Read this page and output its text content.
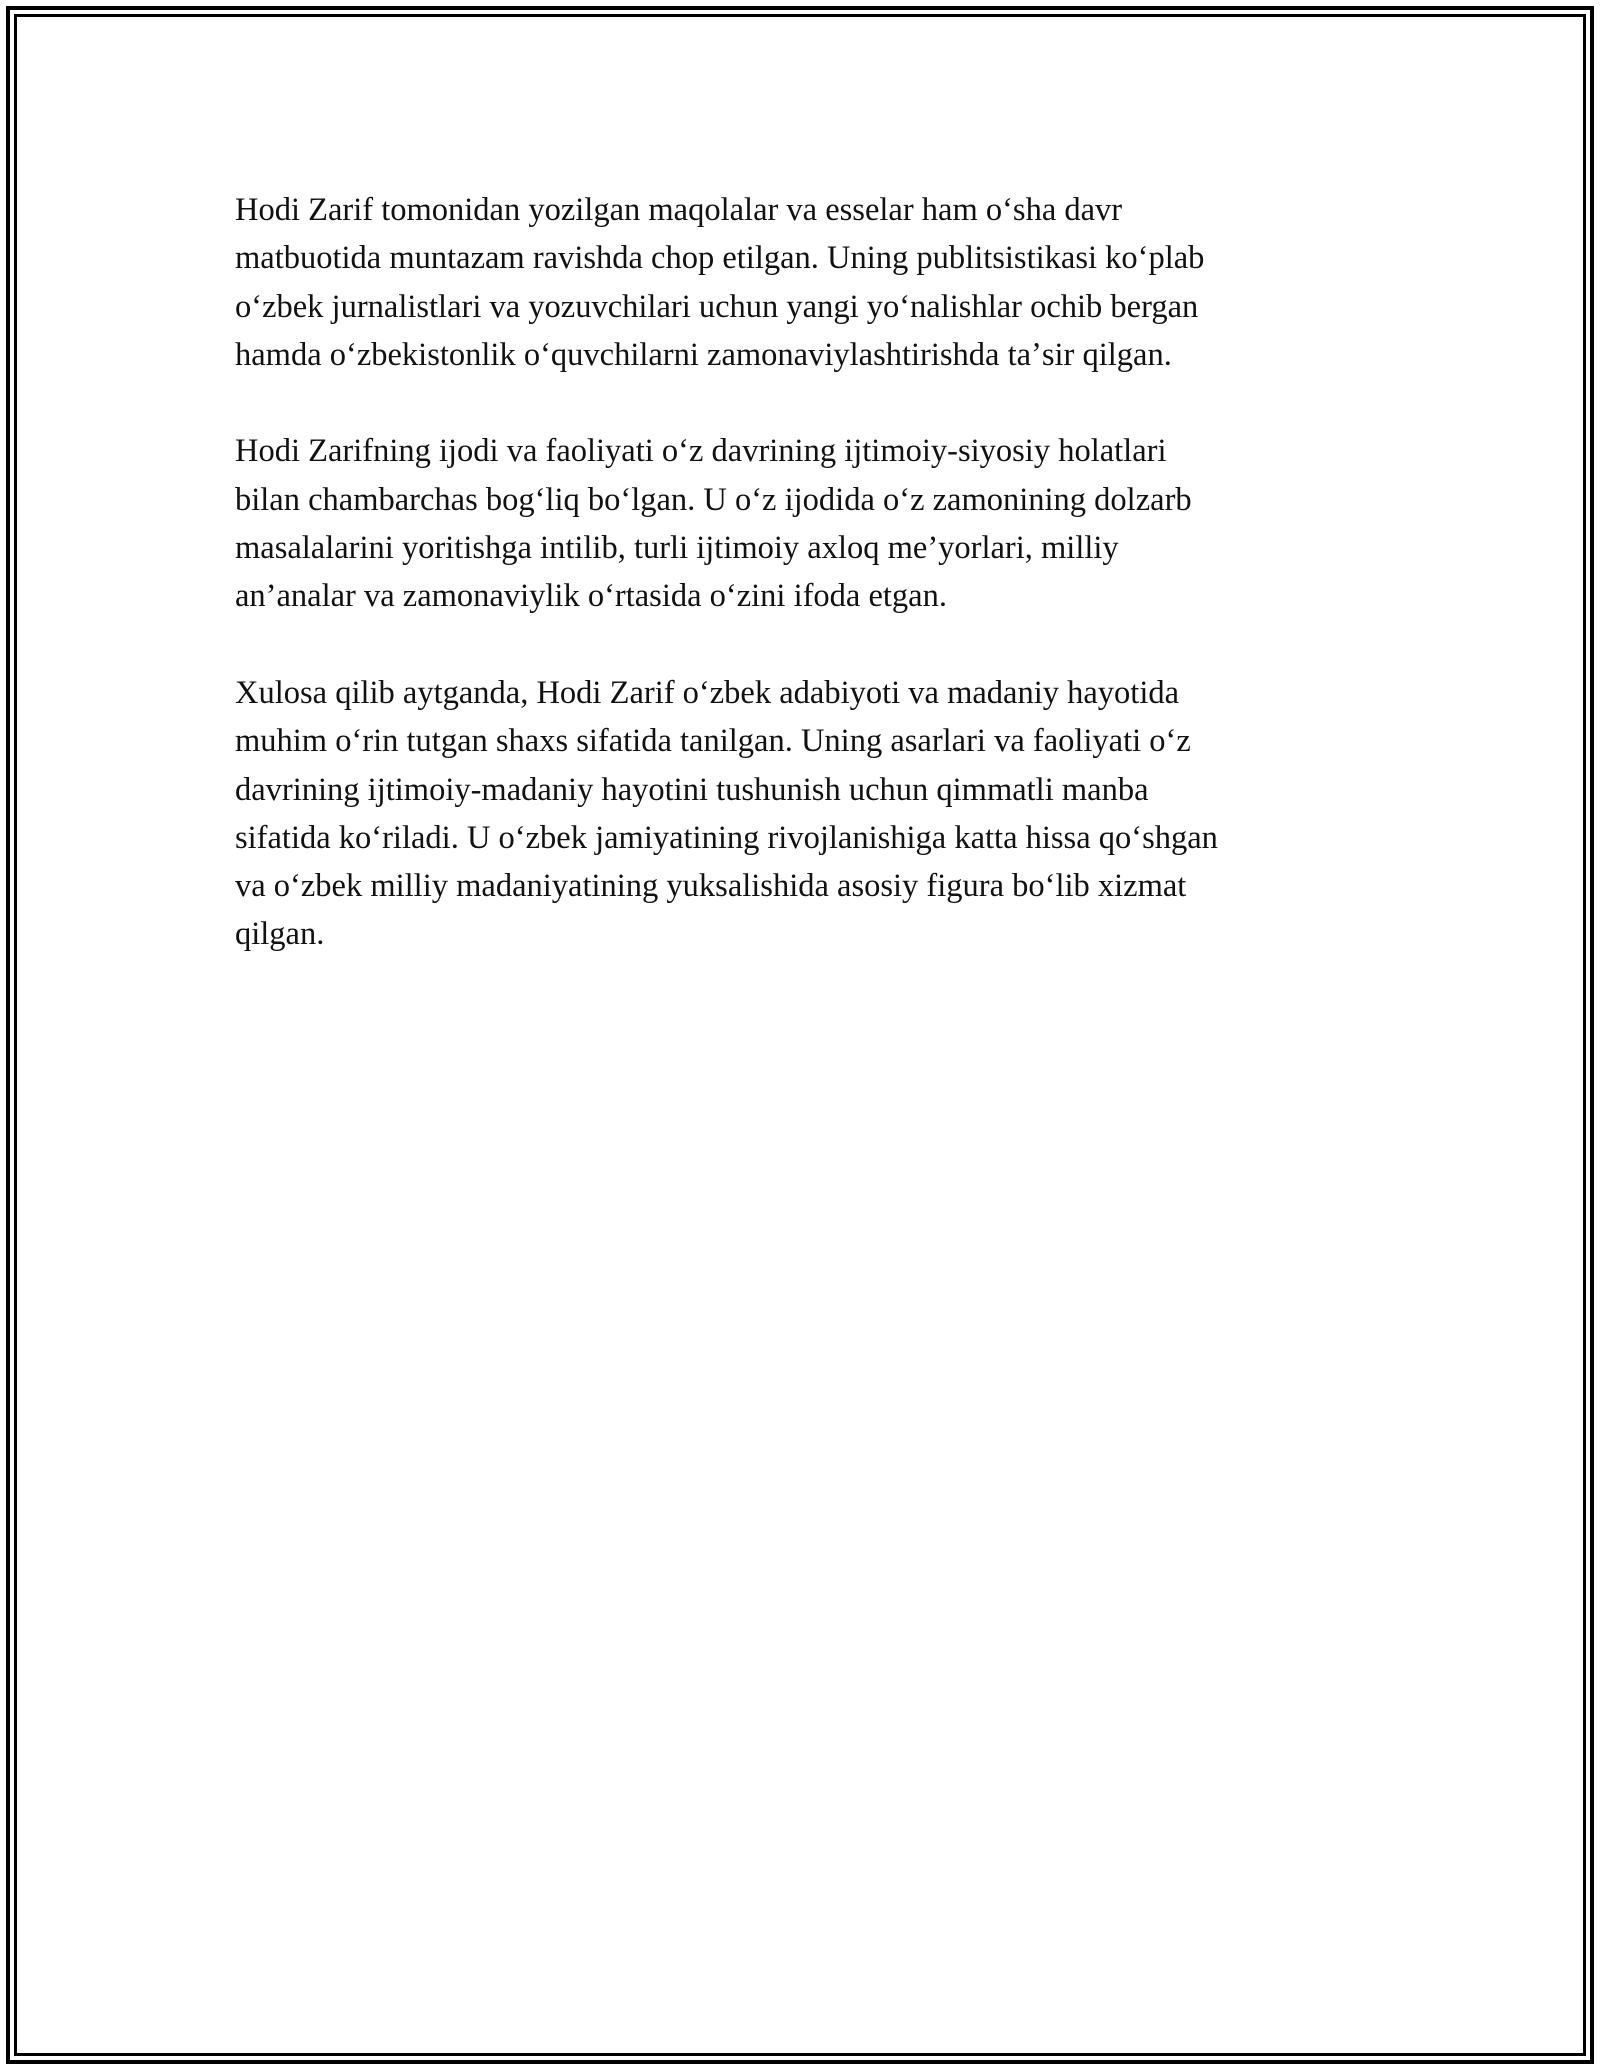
Hodi Zarif tomonidan yozilgan maqolalar va esselar ham oʻsha davr
matbuotida muntazam ravishda chop etilgan. Uning publitsistikasi koʻplab
oʻzbek jurnalistlari va yozuvchilari uchun yangi yoʻnalishlar ochib bergan
hamda oʻzbekistonlik oʻquvchilarni zamonaviylashtirishda taʼsir qilgan.

Hodi Zarifning ijodi va faoliyati oʻz davrining ijtimoiy-siyosiy holatlari
bilan chambarchas bogʻliq boʻlgan. U oʻz ijodida oʻz zamonining dolzarb
masalalarini yoritishga intilib, turli ijtimoiy axloq me’yorlari, milliy
an’analar va zamonaviylik oʻrtasida oʻzini ifoda etgan.

Xulosa qilib aytganda, Hodi Zarif oʻzbek adabiyoti va madaniy hayotida
muhim oʻrin tutgan shaxs sifatida tanilgan. Uning asarlari va faoliyati oʻz
davrining ijtimoiy-madaniy hayotini tushunish uchun qimmatli manba
sifatida koʻriladi. U oʻzbek jamiyatining rivojlanishiga katta hissa qoʻshgan
va oʻzbek milliy madaniyatining yuksalishida asosiy figura boʻlib xizmat
qilgan.
